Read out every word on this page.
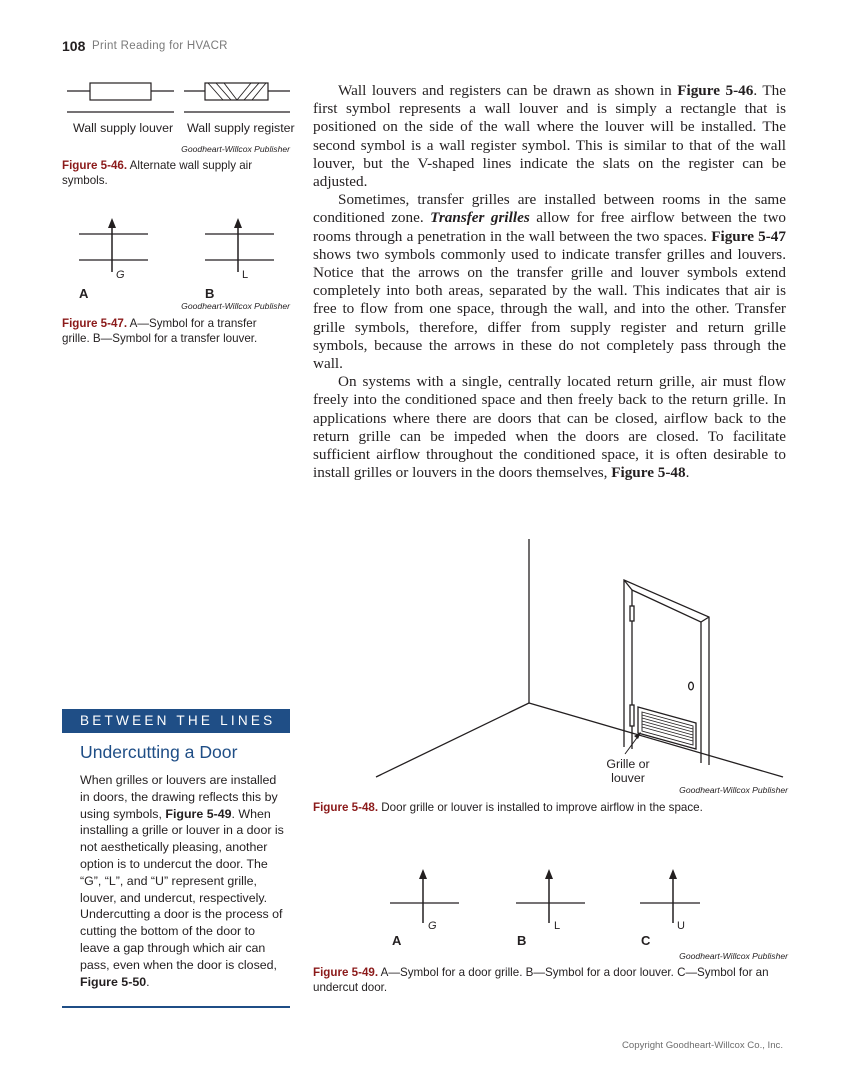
108 Print Reading for HVACR
Wall supply louver Wall supply register
Goodheart-Willcox Publisher
Figure 5-46. Alternate wall supply air symbols.
G	L
A	B
Goodheart-Willcox Publisher
Figure 5-47. A—Symbol for a transfer grille. B—Symbol for a transfer louver.

Wall louvers and registers can be drawn as shown in Figure 5-46. The first symbol represents a wall louver and is simply a rectangle that is positioned on the side of the wall where the louver will be installed. The second symbol is a wall register symbol. This is similar to that of the wall louver, but the V-shaped lines indicate the slats on the register can be adjusted.

Sometimes, transfer grilles are installed between rooms in the same conditioned zone. Transfer grilles allow for free airflow between the two rooms through a penetration in the wall between the two spaces. Figure 5-47 shows two symbols commonly used to indicate transfer grilles and louvers. Notice that the arrows on the transfer grille and louver symbols extend completely into both areas, separated by the wall. This indicates that air is free to flow from one space, through the wall, and into the other. Transfer grille symbols, therefore, differ from supply register and return grille symbols, because the arrows in these do not completely pass through the wall.

On systems with a single, centrally located return grille, air must flow freely into the conditioned space and then freely back to the return grille. In applications where there are doors that can be closed, airflow back to the return grille can be impeded when the doors are closed. To facilitate sufficient airflow throughout the conditioned space, it is often desirable to install grilles or louvers in the doors themselves, Figure 5-48.

Grille or
louver
Goodheart-Willcox Publisher
Figure 5-48. Door grille or louver is installed to improve airflow in the space.
G	L	U
A	B	C
Goodheart-Willcox Publisher
Figure 5-49. A—Symbol for a door grille. B—Symbol for a door louver. C—Symbol for an undercut door.
BETWEEN THE LINES
Undercutting a Door
When grilles or louvers are installed in doors, the drawing reflects this by using symbols, Figure 5-49. When installing a grille or louver in a door is not aesthetically pleasing, another option is to undercut the door. The “G”, “L”, and “U” represent grille, louver, and undercut, respectively. Undercutting a door is the process of cutting the bottom of the door to leave a gap through which air can pass, even when the door is closed, Figure 5-50.
Copyright Goodheart-Willcox Co., Inc.
